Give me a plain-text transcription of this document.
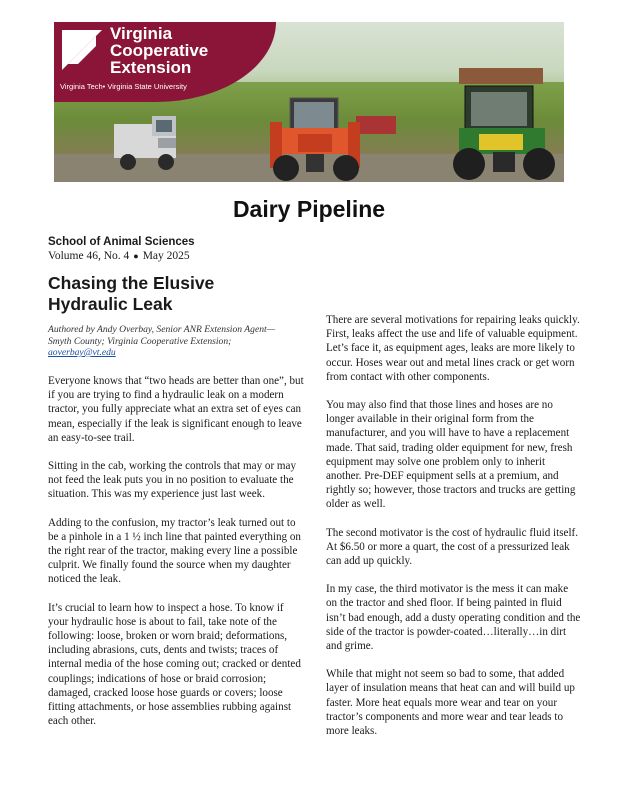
Virginia
Cooperative
Extension
Virginia Tech• Virginia State University
Dairy Pipeline
School of Animal Sciences
Volume 46, No. 4 ● May 2025
Chasing the Elusive Hydraulic Leak
Authored by Andy Overbay, Senior ANR Extension Agent—Smyth County; Virginia Cooperative Extension;
aoverbay@vt.edu

Everyone knows that “two heads are better than one”, but if you are trying to find a hydraulic leak on a modern tractor, you fully appreciate what an extra set of eyes can mean, especially if the leak is significant enough to leave an easy-to-see trail.

Sitting in the cab, working the controls that may or may not feed the leak puts you in no position to evaluate the situation. This was my experience just last week.

Adding to the confusion, my tractor’s leak turned out to be a pinhole in a 1 ½ inch line that painted everything on the right rear of the tractor, making every line a possible culprit. We finally found the source when my daughter noticed the leak.

It’s crucial to learn how to inspect a hose. To know if your hydraulic hose is about to fail, take note of the following: loose, broken or worn braid; deformations, including abrasions, cuts, dents and twists; traces of internal media of the hose coming out; cracked or dented couplings; indications of hose or braid corrosion; damaged, cracked loose hose guards or covers; loose fitting attachments, or hose assemblies rubbing against each other.

There are several motivations for repairing leaks quickly. First, leaks affect the use and life of valuable equipment. Let’s face it, as equipment ages, leaks are more likely to occur. Hoses wear out and metal lines crack or get worn from contact with other components.

You may also find that those lines and hoses are no longer available in their original form from the manufacturer, and you will have to have a replacement made. That said, trading older equipment for new, fresh equipment may solve one problem only to inherit another. Pre-DEF equipment sells at a premium, and rightly so; however, those tractors and trucks are getting older as well.

The second motivator is the cost of hydraulic fluid itself. At $6.50 or more a quart, the cost of a pressurized leak can add up quickly.

In my case, the third motivator is the mess it can make on the tractor and shed floor. If being painted in fluid isn’t bad enough, add a dusty operating condition and the side of the tractor is powder-coated…literally…in dirt and grime.

While that might not seem so bad to some, that added layer of insulation means that heat can and will build up faster. More heat equals more wear and tear on your tractor’s components and more wear and tear leads to more leaks.
